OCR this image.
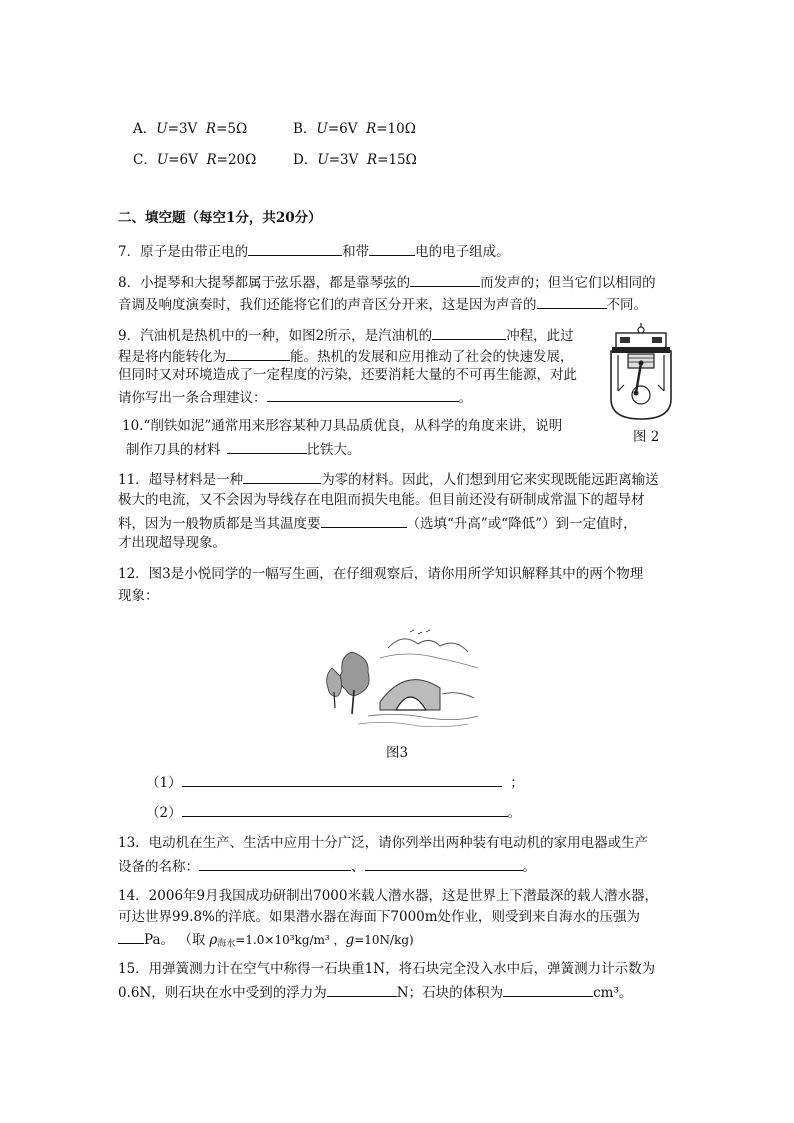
A．U=3V R=5Ω	B．U=6V R=10Ω
C．U=6V R=20Ω	D．U=3V R=15Ω
二、填空题（每空1分，共20分）
7．原子是由带正电的	和带	电的电子组成。
8．小提琴和大提琴都属于弦乐器，都是靠琴弦的	而发声的；但当它们以相同的
音调及响度演奏时，我们还能将它们的声音区分开来，这是因为声音的	不同。
9．汽油机是热机中的一种，如图2所示，是汽油机的	冲程，此过
程是将内能转化为	能。热机的发展和应用推动了社会的快速发展，
但同时又对环境造成了一定程度的污染，还要消耗大量的不可再生能源，对此
请你写出一条合理建议：	。
10.“削铁如泥”通常用来形容某种刀具品质优良，从科学的角度来讲，说明
制作刀具的材料	比铁大。
图 2
11．超导材料是一种	为零的材料。因此，人们想到用它来实现既能远距离输送
极大的电流，又不会因为导线存在电阻而损失电能。但目前还没有研制成常温下的超导材
料，因为一般物质都是当其温度要	（选填“升高”或“降低”）到一定值时，
才出现超导现象。
12．图3是小悦同学的一幅写生画，在仔细观察后，请你用所学知识解释其中的两个物理
现象：
图3
（1）	；
（2）	。
13．电动机在生产、生活中应用十分广泛，请你列举出两种装有电动机的家用电器或生产
设备的名称：	、	。
14．2006年9月我国成功研制出7000米载人潜水器，这是世界上下潜最深的载人潜水器，
可达世界99.8%的洋底。如果潜水器在海面下7000m处作业，则受到来自海水的压强为
Pa。 （取 ρ海水=1.0×10³kg/m³ ，g=10N/kg)
15．用弹簧测力计在空气中称得一石块重1N，将石块完全没入水中后，弹簧测力计示数为
0.6N，则石块在水中受到的浮力为	N；石块的体积为	cm³。
